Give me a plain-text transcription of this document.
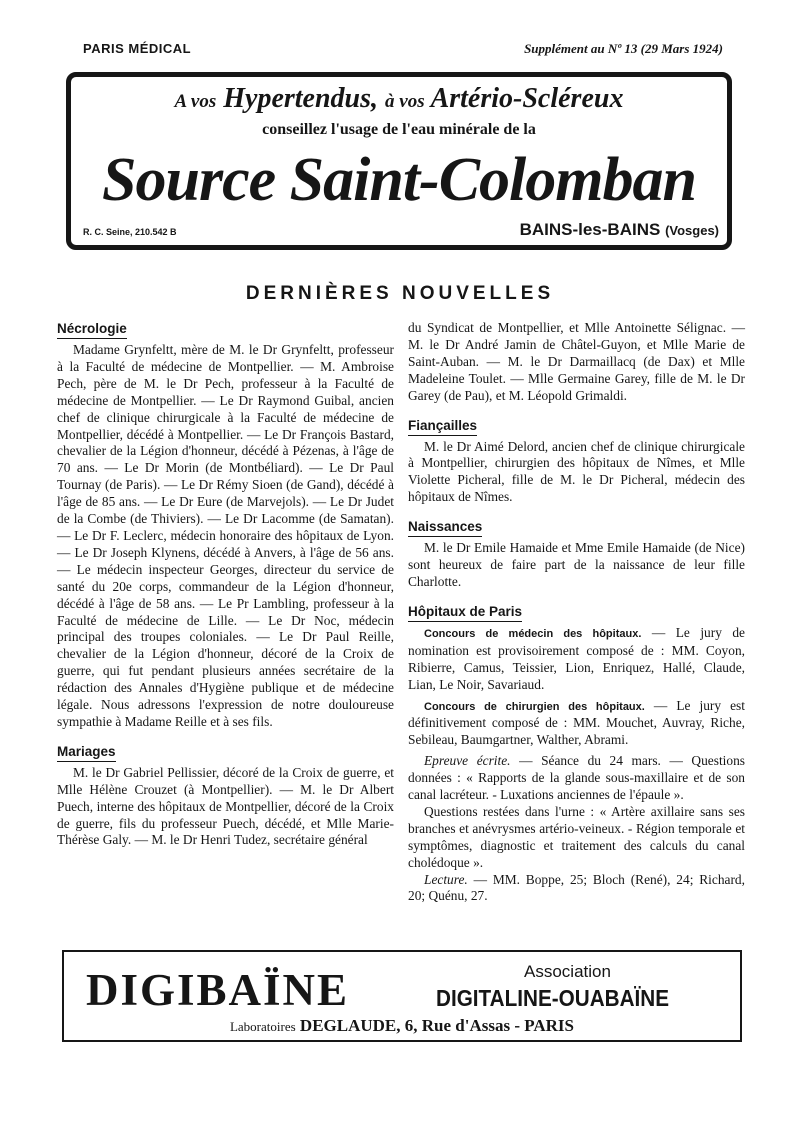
PARIS MÉDICAL	Supplément au Nº 13 (29 Mars 1924)
A vos Hypertendus, à vos Artério-Scléreux
conseillez l'usage de l'eau minérale de la
Source Saint-Colomban
R. C. Seine, 210.542 B	BAINS-les-BAINS (Vosges)
DERNIÈRES NOUVELLES
Nécrologie

Madame Grynfeltt, mère de M. le Dr Grynfeltt, professeur à la Faculté de médecine de Montpellier. — M. Ambroise Pech, père de M. le Dr Pech, professeur à la Faculté de médecine de Montpellier. — Le Dr Raymond Guibal, ancien chef de clinique chirurgicale à la Faculté de médecine de Montpellier, décédé à Montpellier. — Le Dr François Bastard, chevalier de la Légion d'honneur, décédé à Pézenas, à l'âge de 70 ans. — Le Dr Morin (de Montbéliard). — Le Dr Paul Tournay (de Paris). — Le Dr Rémy Sioen (de Gand), décédé à l'âge de 85 ans. — Le Dr Eure (de Marvejols). — Le Dr Judet de la Combe (de Thiviers). — Le Dr Lacomme (de Samatan). — Le Dr F. Leclerc, médecin honoraire des hôpitaux de Lyon. — Le Dr Joseph Klynens, décédé à Anvers, à l'âge de 56 ans. — Le médecin inspecteur Georges, directeur du service de santé du 20e corps, commandeur de la Légion d'honneur, décédé à l'âge de 58 ans. — Le Pr Lambling, professeur à la Faculté de médecine de Lille. — Le Dr Noc, médecin principal des troupes coloniales. — Le Dr Paul Reille, chevalier de la Légion d'honneur, décoré de la Croix de guerre, qui fut pendant plusieurs années secrétaire de la rédaction des Annales d'Hygiène publique et de médecine légale. Nous adressons l'expression de notre douloureuse sympathie à Madame Reille et à ses fils.

Mariages

M. le Dr Gabriel Pellissier, décoré de la Croix de guerre, et Mlle Hélène Crouzet (à Montpellier). — M. le Dr Albert Puech, interne des hôpitaux de Montpellier, décoré de la Croix de guerre, fils du professeur Puech, décédé, et Mlle Marie-Thérèse Galy. — M. le Dr Henri Tudez, secrétaire général

du Syndicat de Montpellier, et Mlle Antoinette Sélignac. — M. le Dr André Jamin de Châtel-Guyon, et Mlle Marie de Saint-Auban. — M. le Dr Darmaillacq (de Dax) et Mlle Madeleine Toulet. — Mlle Germaine Garey, fille de M. le Dr Garey (de Pau), et M. Léopold Grimaldi.

Fiançailles

M. le Dr Aimé Delord, ancien chef de clinique chirurgicale à Montpellier, chirurgien des hôpitaux de Nîmes, et Mlle Violette Picheral, fille de M. le Dr Picheral, médecin des hôpitaux de Nîmes.

Naissances

M. le Dr Emile Hamaide et Mme Emile Hamaide (de Nice) sont heureux de faire part de la naissance de leur fille Charlotte.

Hôpitaux de Paris

Concours de médecin des hôpitaux. — Le jury de nomination est provisoirement composé de : MM. Coyon, Ribierre, Camus, Teissier, Lion, Enriquez, Hallé, Claude, Lian, Le Noir, Savariaud.

Concours de chirurgien des hôpitaux. — Le jury est définitivement composé de : MM. Mouchet, Auvray, Riche, Sebileau, Baumgartner, Walther, Abrami.

Epreuve écrite. — Séance du 24 mars. — Questions données : « Rapports de la glande sous-maxillaire et de son canal lacréteur. - Luxations anciennes de l'épaule ».

Questions restées dans l'urne : « Artère axillaire sans ses branches et anévrysmes artério-veineux. - Région temporale et symptômes, diagnostic et traitement des calculs du canal cholédoque ».

Lecture. — MM. Boppe, 25; Bloch (René), 24; Richard, 20; Quénu, 27.

DIGIBAÏNE	Association
DIGITALINE-OUABAÏNE
Laboratoires DEGLAUDE, 6, Rue d'Assas - PARIS
